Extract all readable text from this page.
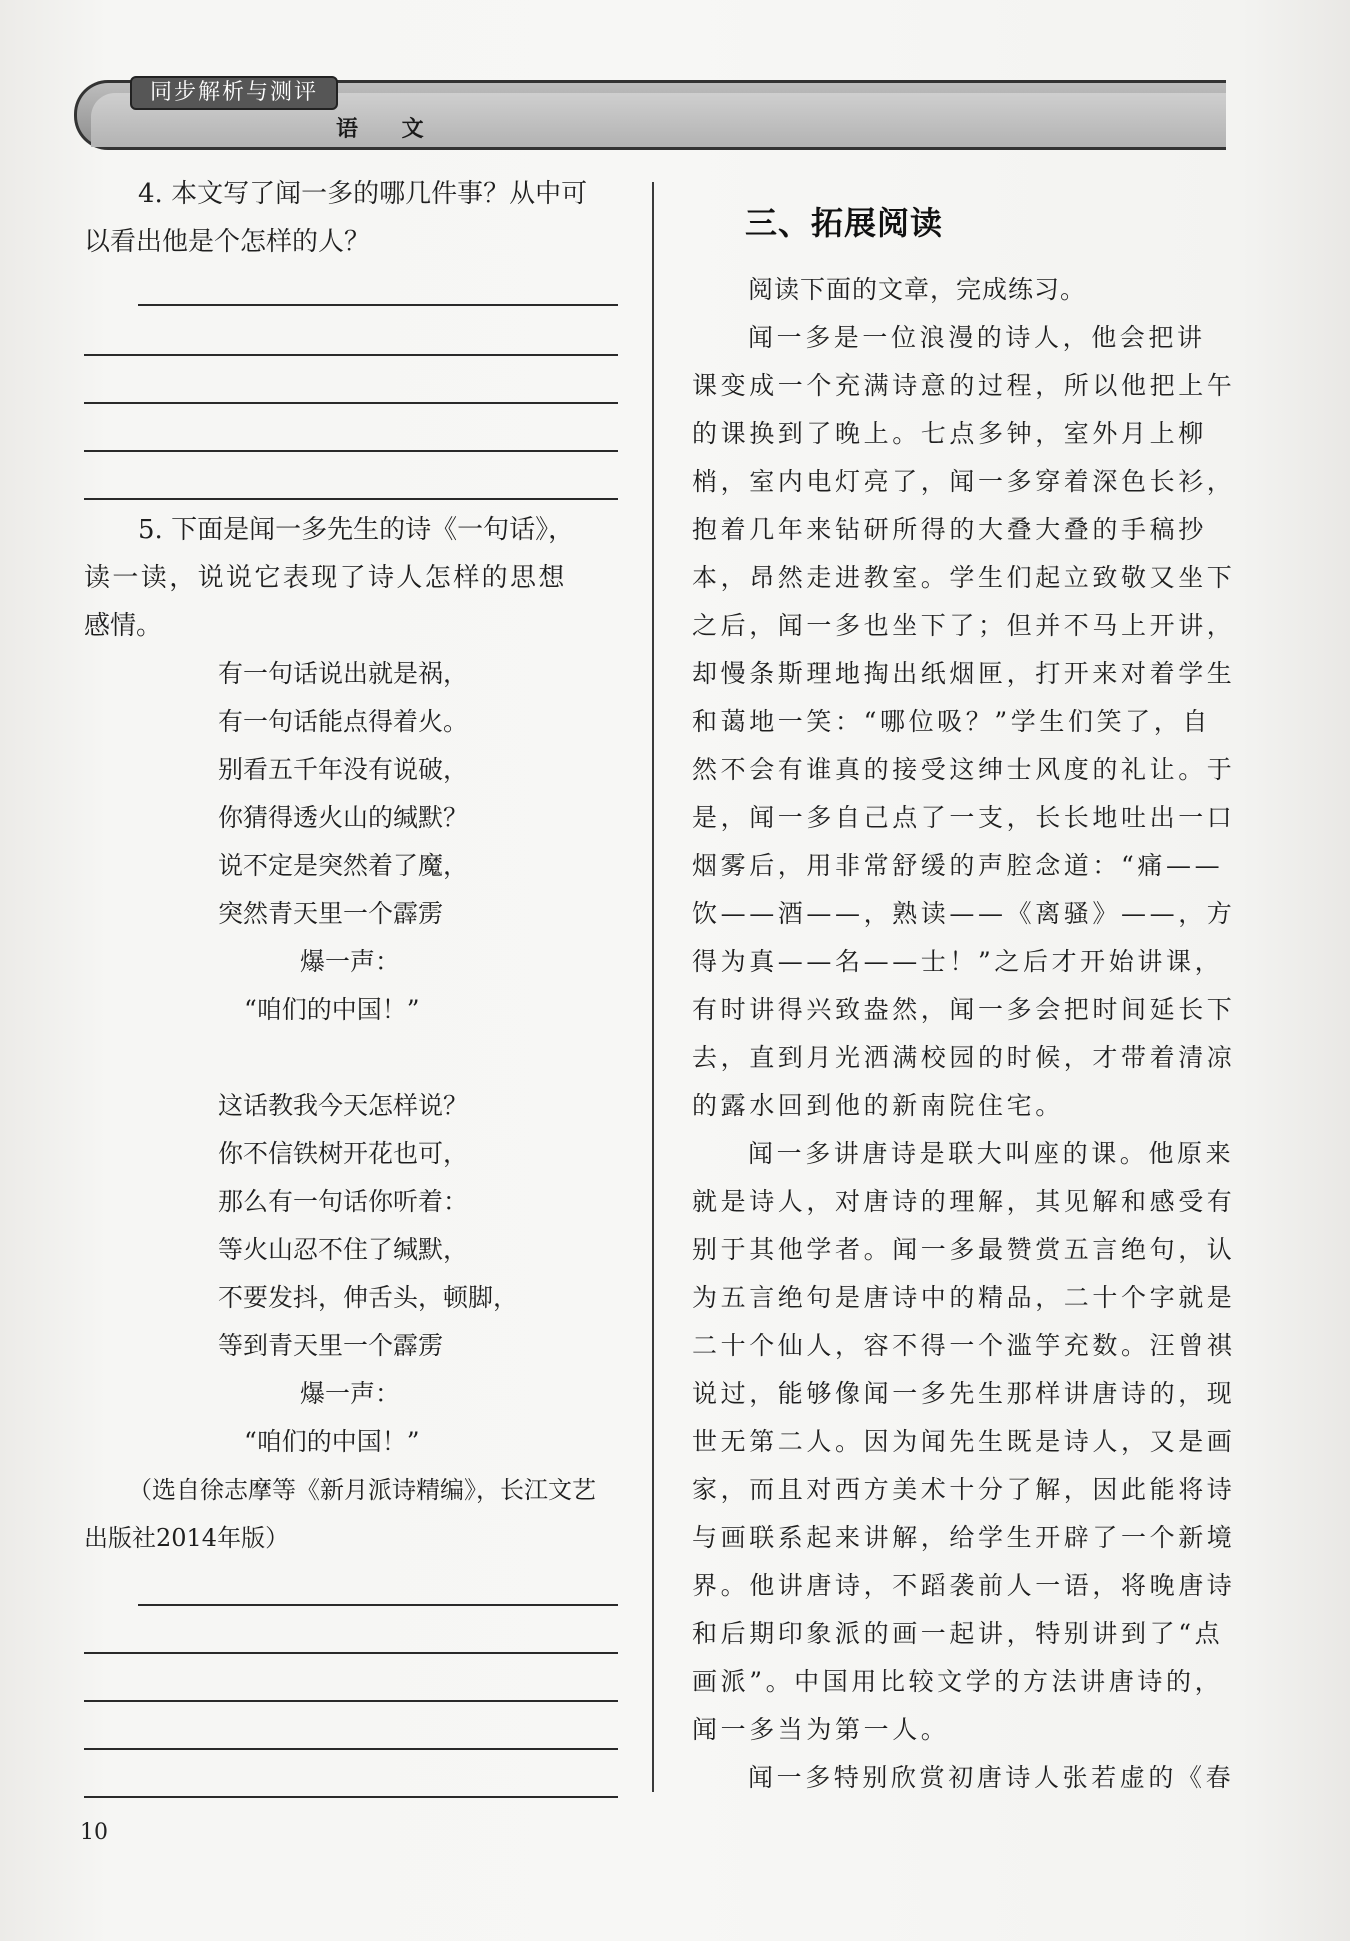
同步解析与测评
语 文
4. 本文写了闻一多的哪几件事？从中可
以看出他是个怎样的人？
5. 下面是闻一多先生的诗《一句话》，
读一读，说说它表现了诗人怎样的思想
感情。
有一句话说出就是祸，
有一句话能点得着火。
别看五千年没有说破，
你猜得透火山的缄默？
说不定是突然着了魔，
突然青天里一个霹雳
爆一声：
“咱们的中国！”
这话教我今天怎样说？
你不信铁树开花也可，
那么有一句话你听着：
等火山忍不住了缄默，
不要发抖，伸舌头，顿脚，
等到青天里一个霹雳
爆一声：
“咱们的中国！”
（选自徐志摩等《新月派诗精编》，长江文艺
出版社2014年版）
三、拓展阅读
阅读下面的文章，完成练习。
闻一多是一位浪漫的诗人，他会把讲
课变成一个充满诗意的过程，所以他把上午
的课换到了晚上。七点多钟，室外月上柳
梢，室内电灯亮了，闻一多穿着深色长衫，
抱着几年来钻研所得的大叠大叠的手稿抄
本，昂然走进教室。学生们起立致敬又坐下
之后，闻一多也坐下了；但并不马上开讲，
却慢条斯理地掏出纸烟匣，打开来对着学生
和蔼地一笑：“哪位吸？”学生们笑了，自
然不会有谁真的接受这绅士风度的礼让。于
是，闻一多自己点了一支，长长地吐出一口
烟雾后，用非常舒缓的声腔念道：“痛——
饮——酒——，熟读——《离骚》——，方
得为真——名——士！”之后才开始讲课，
有时讲得兴致盎然，闻一多会把时间延长下
去，直到月光洒满校园的时候，才带着清凉
的露水回到他的新南院住宅。
闻一多讲唐诗是联大叫座的课。他原来
就是诗人，对唐诗的理解，其见解和感受有
别于其他学者。闻一多最赞赏五言绝句，认
为五言绝句是唐诗中的精品，二十个字就是
二十个仙人，容不得一个滥竽充数。汪曾祺
说过，能够像闻一多先生那样讲唐诗的，现
世无第二人。因为闻先生既是诗人，又是画
家，而且对西方美术十分了解，因此能将诗
与画联系起来讲解，给学生开辟了一个新境
界。他讲唐诗，不蹈袭前人一语，将晚唐诗
和后期印象派的画一起讲，特别讲到了“点
画派”。中国用比较文学的方法讲唐诗的，
闻一多当为第一人。
闻一多特别欣赏初唐诗人张若虚的《春
10
